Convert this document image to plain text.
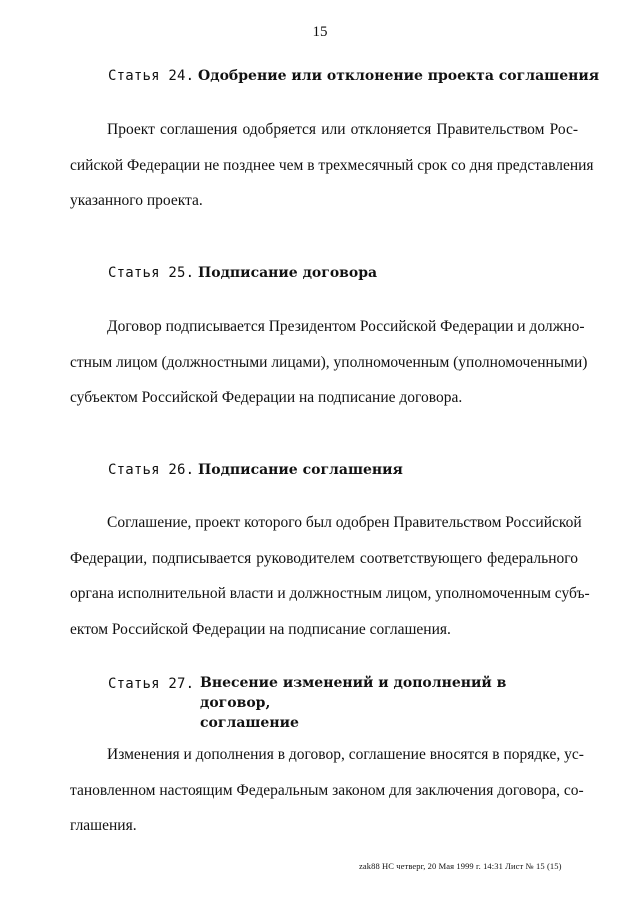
15
Статья 24. Одобрение или отклонение проекта соглашения
Проект соглашения одобряется или отклоняется Правительством Рос-
сийской Федерации не позднее чем в трехмесячный срок со дня представления
указанного проекта.
Статья 25. Подписание договора
Договор подписывается Президентом Российской Федерации и должно-
стным лицом (должностными лицами), уполномоченным (уполномоченными)
субъектом Российской Федерации на подписание договора.
Статья 26. Подписание соглашения
Соглашение, проект которого был одобрен Правительством Российской
Федерации, подписывается руководителем соответствующего федерального
органа исполнительной власти и должностным лицом, уполномоченным субъ-
ектом Российской Федерации на подписание соглашения.
Статья 27. Внесение изменений и дополнений в договор,
соглашение
Изменения и дополнения в договор, соглашение вносятся в порядке, ус-
тановленном настоящим Федеральным законом для заключения договора, со-
глашения.
zak88 НС четверг, 20 Мая 1999 г. 14:31 Лист № 15 (15)
